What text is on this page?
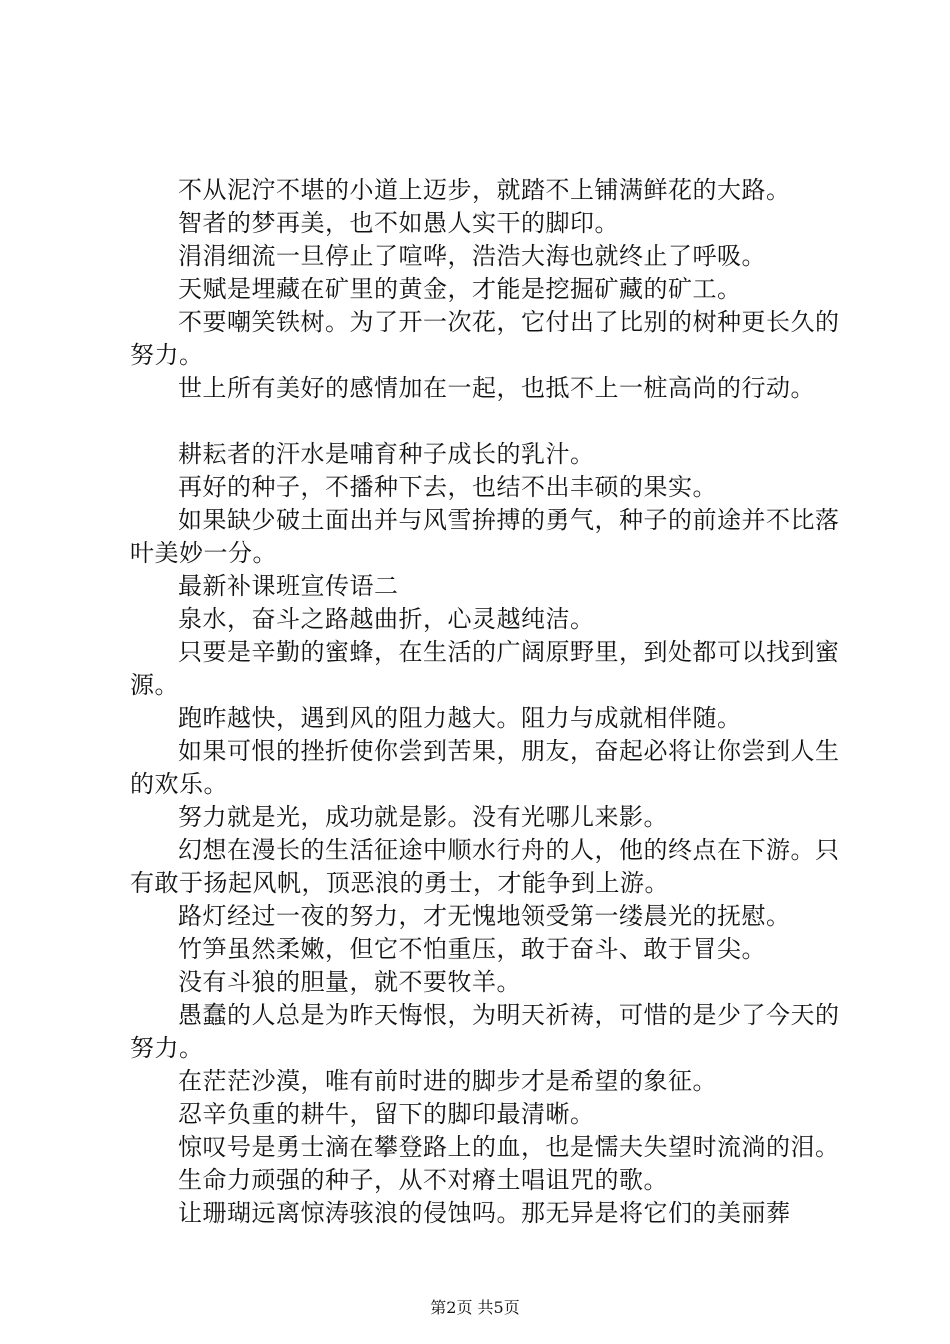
不从泥泞不堪的小道上迈步，就踏不上铺满鲜花的大路。

智者的梦再美，也不如愚人实干的脚印。

涓涓细流一旦停止了喧哗，浩浩大海也就终止了呼吸。

天赋是埋藏在矿里的黄金，才能是挖掘矿藏的矿工。

不要嘲笑铁树。为了开一次花，它付出了比别的树种更长久的努力。

世上所有美好的感情加在一起，也抵不上一桩高尚的行动。

耕耘者的汗水是哺育种子成长的乳汁。

再好的种子，不播种下去，也结不出丰硕的果实。

如果缺少破土面出并与风雪拚搏的勇气，种子的前途并不比落叶美妙一分。

最新补课班宣传语二

泉水，奋斗之路越曲折，心灵越纯洁。

只要是辛勤的蜜蜂，在生活的广阔原野里，到处都可以找到蜜源。

跑昨越快，遇到风的阻力越大。阻力与成就相伴随。

如果可恨的挫折使你尝到苦果，朋友，奋起必将让你尝到人生的欢乐。

努力就是光，成功就是影。没有光哪儿来影。

幻想在漫长的生活征途中顺水行舟的人，他的终点在下游。只有敢于扬起风帆，顶恶浪的勇士，才能争到上游。

路灯经过一夜的努力，才无愧地领受第一缕晨光的抚慰。

竹笋虽然柔嫩，但它不怕重压，敢于奋斗、敢于冒尖。

没有斗狼的胆量，就不要牧羊。

愚蠢的人总是为昨天悔恨，为明天祈祷，可惜的是少了今天的努力。

在茫茫沙漠，唯有前时进的脚步才是希望的象征。

忍辛负重的耕牛，留下的脚印最清晰。

惊叹号是勇士滴在攀登路上的血，也是懦夫失望时流淌的泪。

生命力顽强的种子，从不对瘠土唱诅咒的歌。

让珊瑚远离惊涛骇浪的侵蚀吗。那无异是将它们的美丽葬

第2页 共5页
